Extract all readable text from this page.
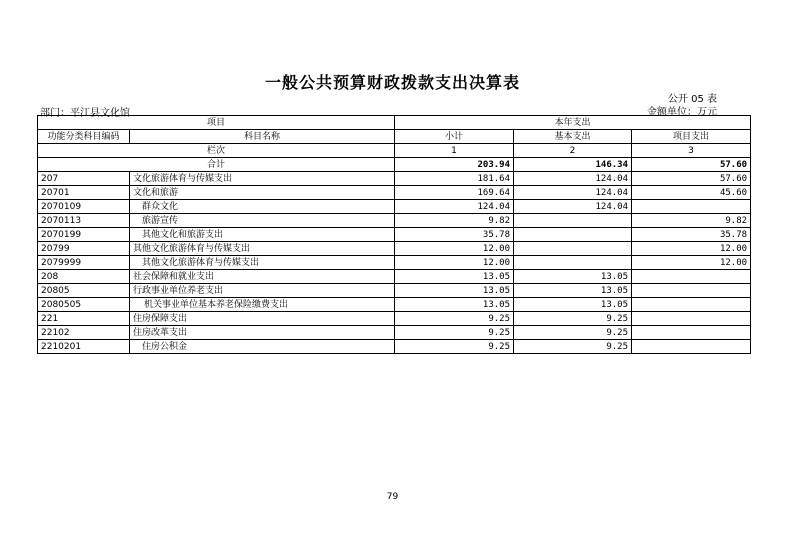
一般公共预算财政拨款支出决算表
公开 05 表
部门：平江县文化馆	金额单位：万元
项目		本年支出		
功能分类科目编码	科目名称	小计	基本支出	项目支出
栏次		1	2	3
合计		203.94	146.34	57.60
207	文化旅游体育与传媒支出	181.64	124.04	57.60
20701	文化和旅游	169.64	124.04	45.60
2070109	群众文化	124.04	124.04	
2070113	旅游宣传	9.82		9.82
2070199	其他文化和旅游支出	35.78		35.78
20799	其他文化旅游体育与传媒支出	12.00		12.00
2079999	其他文化旅游体育与传媒支出	12.00		12.00
208	社会保障和就业支出	13.05	13.05	
20805	行政事业单位养老支出	13.05	13.05	
2080505	机关事业单位基本养老保险缴费支出	13.05	13.05	
221	住房保障支出	9.25	9.25	
22102	住房改革支出	9.25	9.25	
2210201	住房公积金	9.25	9.25	
79
